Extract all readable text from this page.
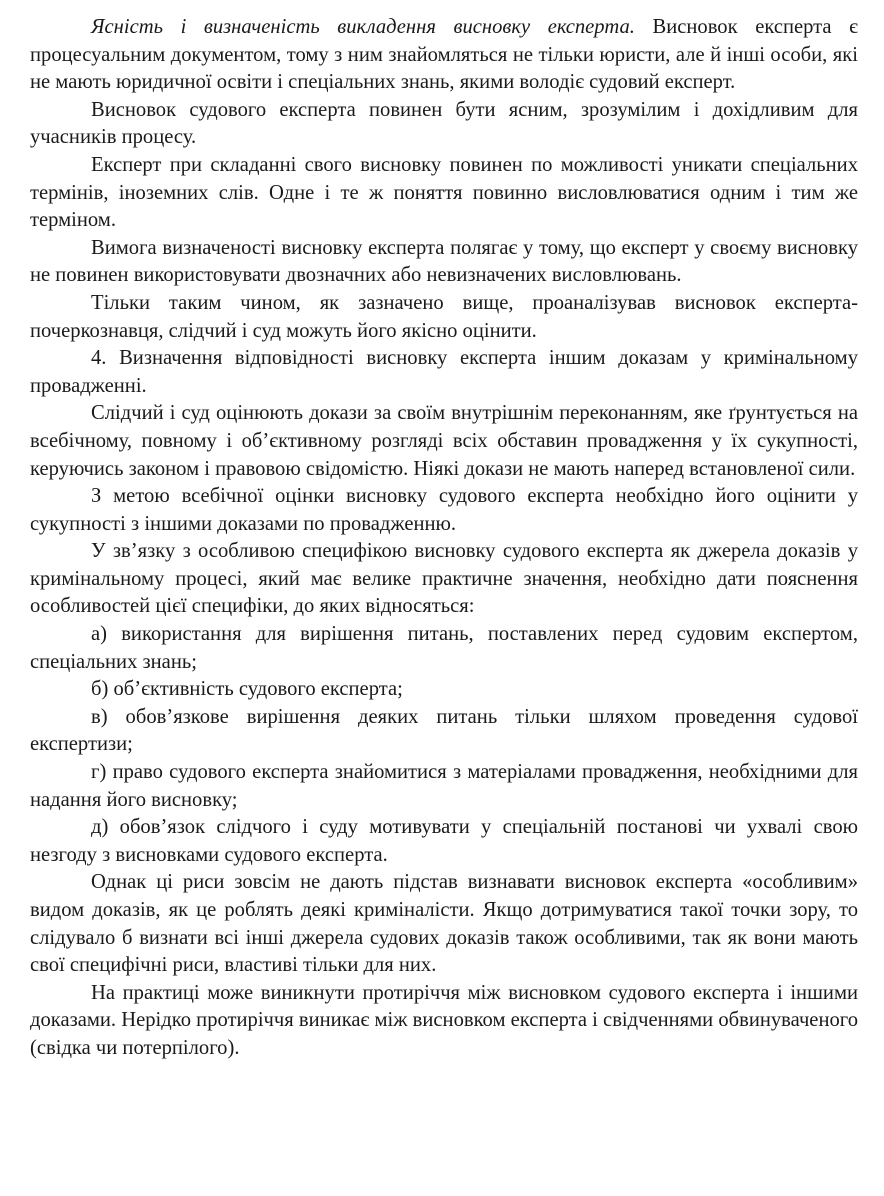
Ясність і визначеність викладення висновку експерта. Висновок експерта є процесуальним документом, тому з ним знайомляться не тільки юристи, але й інші особи, які не мають юридичної освіти і спеціальних знань, якими володіє судовий експерт.

Висновок судового експерта повинен бути ясним, зрозумілим і дохідливим для учасників процесу.

Експерт при складанні свого висновку повинен по можливості уникати спеціальних термінів, іноземних слів. Одне і те ж поняття повинно висловлюватися одним і тим же терміном.

Вимога визначеності висновку експерта полягає у тому, що експерт у своєму висновку не повинен використовувати двозначних або невизначених висловлювань.

Тільки таким чином, як зазначено вище, проаналізував висновок експерта-почеркознавця, слідчий і суд можуть його якісно оцінити.

4. Визначення відповідності висновку експерта іншим доказам у кримінальному провадженні.

Слідчий і суд оцінюють докази за своїм внутрішнім переконанням, яке ґрунтується на всебічному, повному і об’єктивному розгляді всіх обставин провадження у їх сукупності, керуючись законом і правовою свідомістю. Ніякі докази не мають наперед встановленої сили.

З метою всебічної оцінки висновку судового експерта необхідно його оцінити у сукупності з іншими доказами по провадженню.

У зв’язку з особливою специфікою висновку судового експерта як джерела доказів у кримінальному процесі, який має велике практичне значення, необхідно дати пояснення особливостей цієї специфіки, до яких відносяться:

а) використання для вирішення питань, поставлених перед судовим експертом, спеціальних знань;

б) об’єктивність судового експерта;

в) обов’язкове вирішення деяких питань тільки шляхом проведення судової експертизи;

г) право судового експерта знайомитися з матеріалами провадження, необхідними для надання його висновку;

д) обов’язок слідчого і суду мотивувати у спеціальній постанові чи ухвалі свою незгоду з висновками судового експерта.

Однак ці риси зовсім не дають підстав визнавати висновок експерта «особливим» видом доказів, як це роблять деякі криміналісти. Якщо дотримуватися такої точки зору, то слідувало б визнати всі інші джерела судових доказів також особливими, так як вони мають свої специфічні риси, властиві тільки для них.

На практиці може виникнути протиріччя між висновком судового експерта і іншими доказами. Нерідко протиріччя виникає між висновком експерта і свідченнями обвинуваченого (свідка чи потерпілого).
